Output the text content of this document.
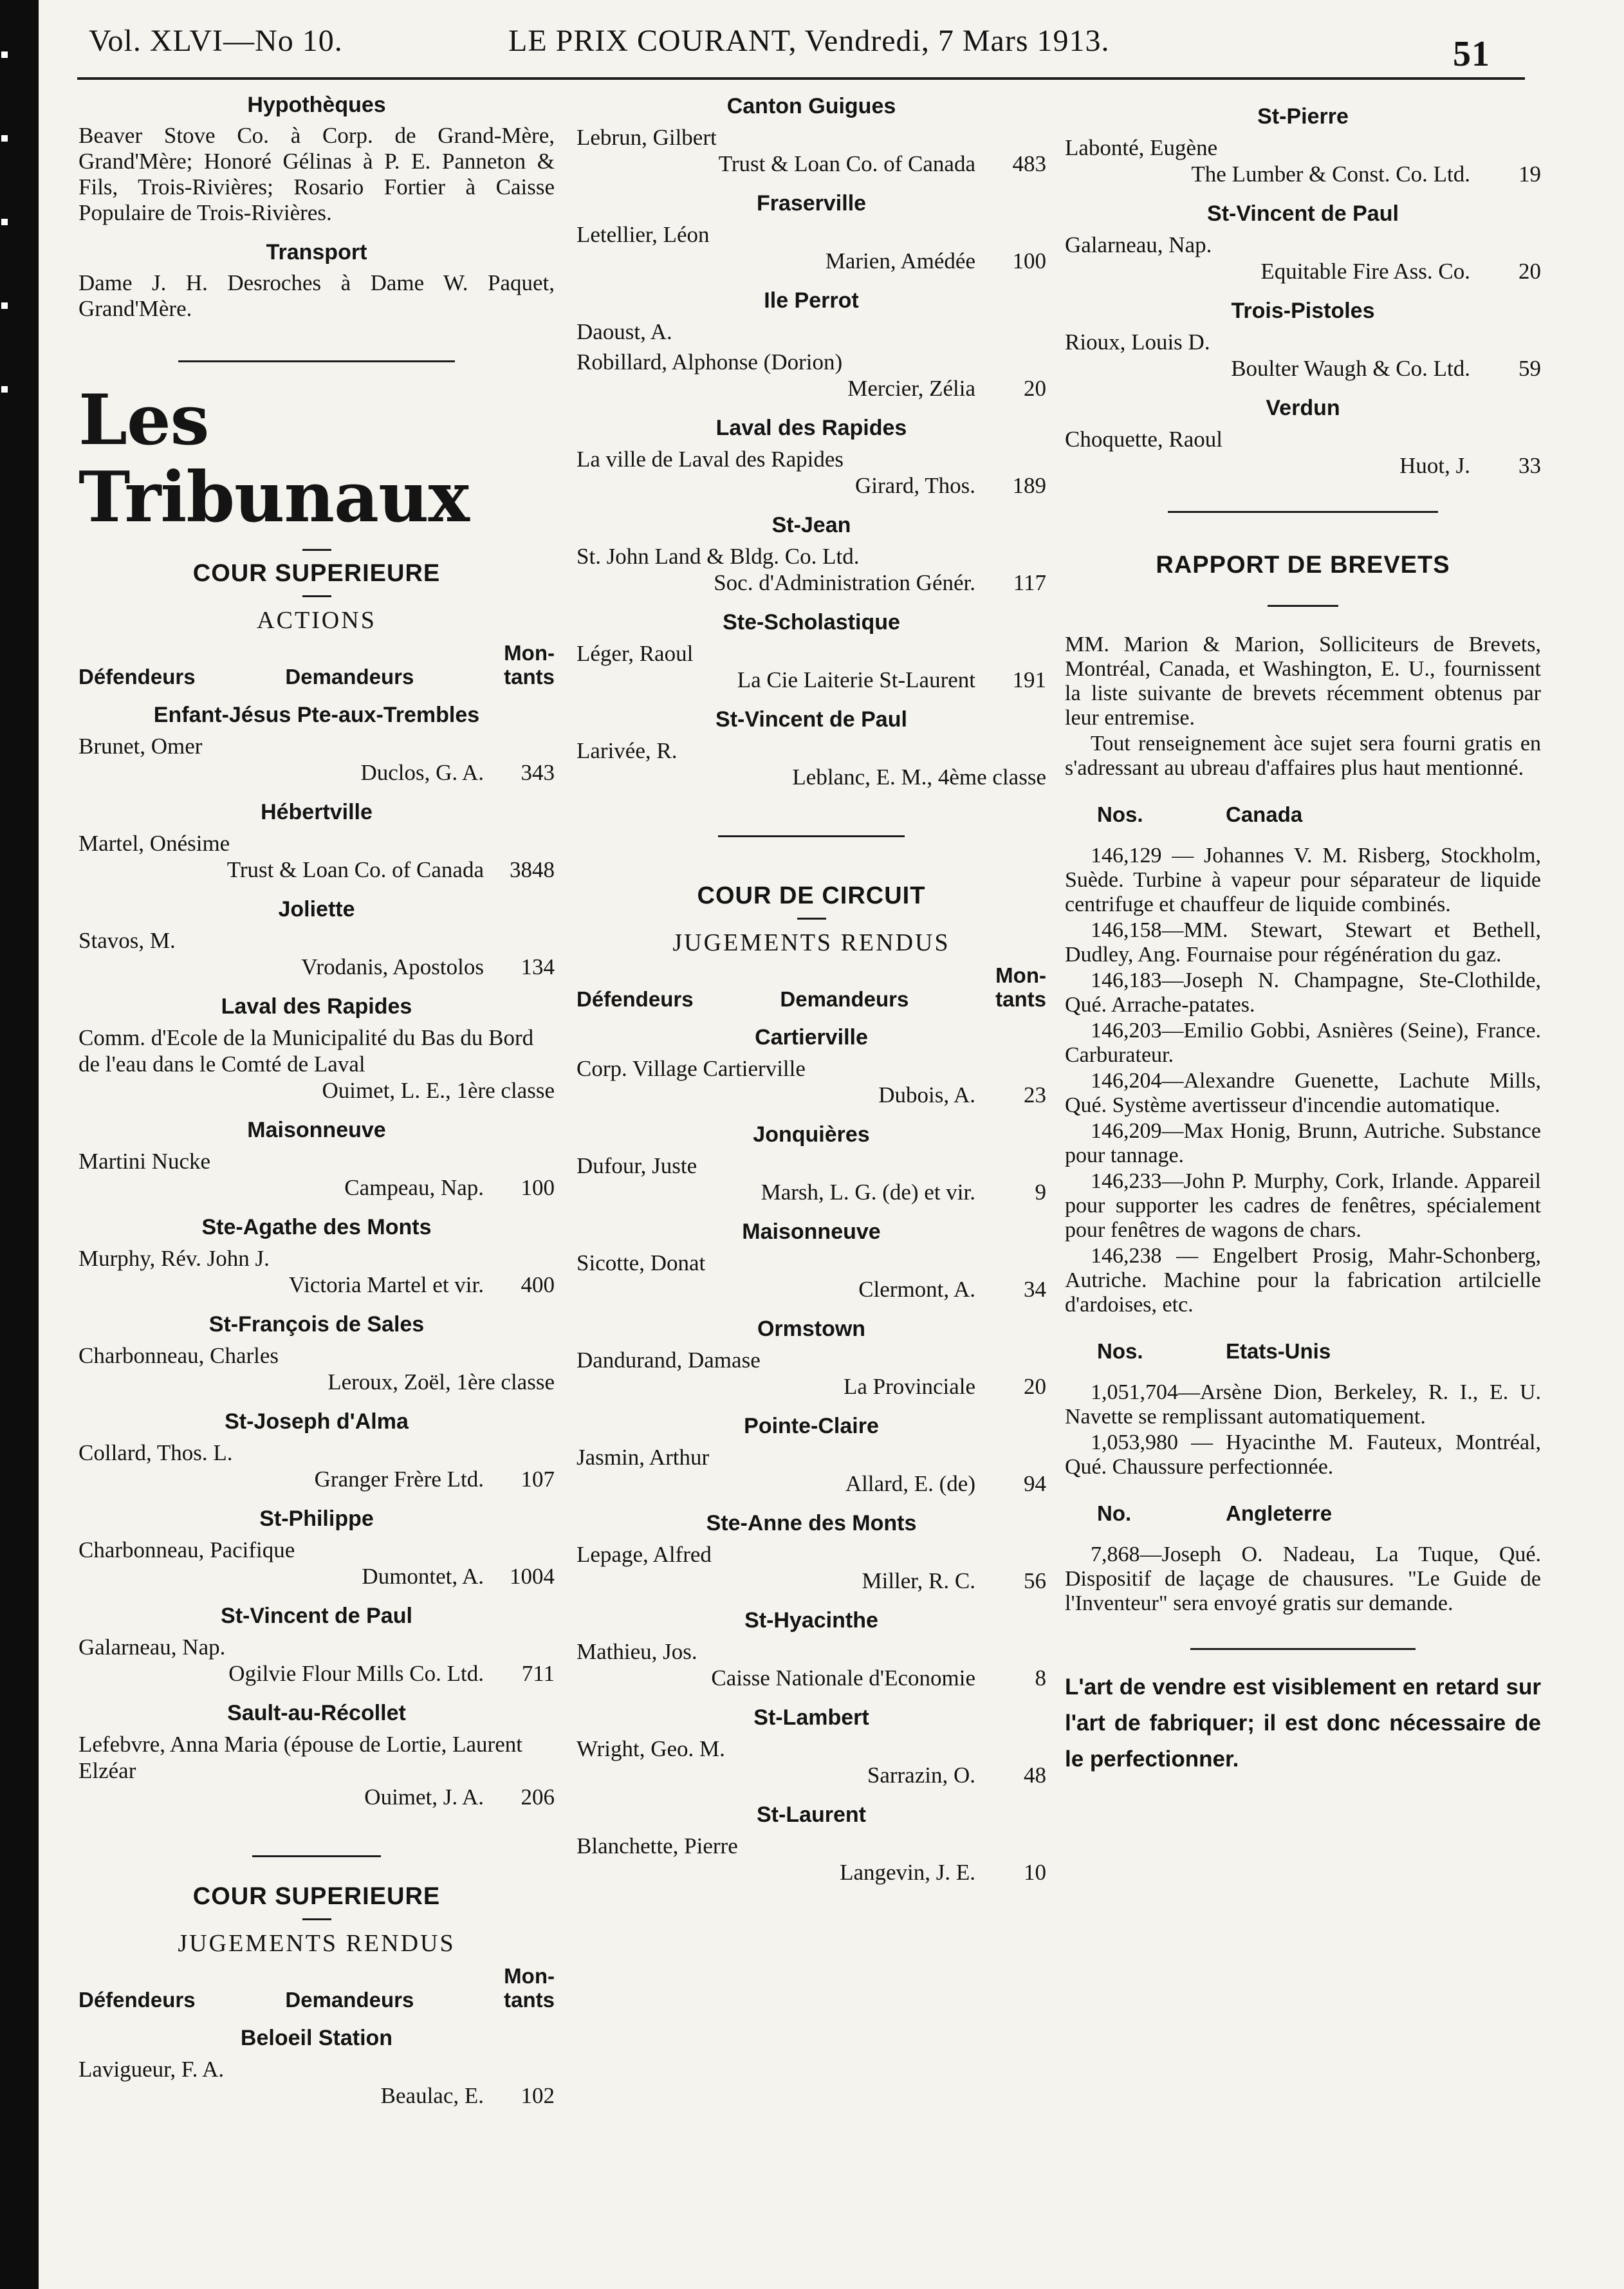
Vol. XLVI—No 10.	LE PRIX COURANT, Vendredi, 7 Mars 1913.	51
Hypothèques

Beaver Stove Co. à Corp. de Grand-Mère, Grand'Mère; Honoré Gélinas à P. E. Panneton & Fils, Trois-Rivières; Rosario Fortier à Caisse Populaire de Trois-Rivières.

Transport

Dame J. H. Desroches à Dame W. Paquet, Grand'Mère.

Les Tribunaux
COUR SUPERIEURE
ACTIONS
Défendeurs	Demandeurs
Mon-
tants
Enfant-Jésus Pte-aux-Trembles
Brunet, Omer
Duclos, G. A.	343
Hébertville
Martel, Onésime
Trust & Loan Co. of Canada	3848
Joliette
Stavos, M.
Vrodanis, Apostolos	134
Laval des Rapides
Comm. d'Ecole de la Municipalité du Bas du Bord de l'eau dans le Comté de Laval
Ouimet, L. E., 1ère classe
Maisonneuve
Martini Nucke
Campeau, Nap.	100
Ste-Agathe des Monts
Murphy, Rév. John J.
Victoria Martel et vir.	400
St-François de Sales
Charbonneau, Charles
Leroux, Zoël, 1ère classe
St-Joseph d'Alma
Collard, Thos. L.
Granger Frère Ltd.	107
St-Philippe
Charbonneau, Pacifique
Dumontet, A.	1004
St-Vincent de Paul
Galarneau, Nap.
Ogilvie Flour Mills Co. Ltd.	711
Sault-au-Récollet
Lefebvre, Anna Maria (épouse de Lortie, Laurent Elzéar
Ouimet, J. A.	206
COUR SUPERIEURE
JUGEMENTS RENDUS
Défendeurs	Demandeurs
Mon-
tants
Beloeil Station
Lavigueur, F. A.
Beaulac, E.	102
Canton Guigues
Lebrun, Gilbert
Trust & Loan Co. of Canada	483
Fraserville
Letellier, Léon
Marien, Amédée	100
Ile Perrot
Daoust, A.
Robillard, Alphonse (Dorion)
Mercier, Zélia	20
Laval des Rapides
La ville de Laval des Rapides
Girard, Thos.	189
St-Jean
St. John Land & Bldg. Co. Ltd.
Soc. d'Administration Génér.	117
Ste-Scholastique
Léger, Raoul
La Cie Laiterie St-Laurent	191
St-Vincent de Paul
Larivée, R.
Leblanc, E. M., 4ème classe
COUR DE CIRCUIT
JUGEMENTS RENDUS
Défendeurs	Demandeurs
Mon-
tants
Cartierville
Corp. Village Cartierville
Dubois, A.	23
Jonquières
Dufour, Juste
Marsh, L. G. (de) et vir.	9
Maisonneuve
Sicotte, Donat
Clermont, A.	34
Ormstown
Dandurand, Damase
La Provinciale	20
Pointe-Claire
Jasmin, Arthur
Allard, E. (de)	94
Ste-Anne des Monts
Lepage, Alfred
Miller, R. C.	56
St-Hyacinthe
Mathieu, Jos.
Caisse Nationale d'Economie	8
St-Lambert
Wright, Geo. M.
Sarrazin, O.	48
St-Laurent
Blanchette, Pierre
Langevin, J. E.	10
St-Pierre
Labonté, Eugène
The Lumber & Const. Co. Ltd.	19
St-Vincent de Paul
Galarneau, Nap.
Equitable Fire Ass. Co.	20
Trois-Pistoles
Rioux, Louis D.
Boulter Waugh & Co. Ltd.	59
Verdun
Choquette, Raoul
Huot, J.	33
RAPPORT DE BREVETS

MM. Marion & Marion, Solliciteurs de Brevets, Montréal, Canada, et Washington, E. U., fournissent la liste suivante de brevets récemment obtenus par leur entremise.

Tout renseignement àce sujet sera fourni gratis en s'adressant au ubreau d'affaires plus haut mentionné.

Nos.	Canada

146,129 — Johannes V. M. Risberg, Stockholm, Suède. Turbine à vapeur pour séparateur de liquide centrifuge et chauffeur de liquide combinés.

146,158—MM. Stewart, Stewart et Bethell, Dudley, Ang. Fournaise pour régénération du gaz.

146,183—Joseph N. Champagne, Ste-Clothilde, Qué. Arrache-patates.

146,203—Emilio Gobbi, Asnières (Seine), France. Carburateur.

146,204—Alexandre Guenette, Lachute Mills, Qué. Système avertisseur d'incendie automatique.

146,209—Max Honig, Brunn, Autriche. Substance pour tannage.

146,233—John P. Murphy, Cork, Irlande. Appareil pour supporter les cadres de fenêtres, spécialement pour fenêtres de wagons de chars.

146,238 — Engelbert Prosig, Mahr-Schonberg, Autriche. Machine pour la fabrication artilcielle d'ardoises, etc.

Nos.	Etats-Unis

1,051,704—Arsène Dion, Berkeley, R. I., E. U. Navette se remplissant automatiquement.

1,053,980 — Hyacinthe M. Fauteux, Montréal, Qué. Chaussure perfectionnée.

No.	Angleterre

7,868—Joseph O. Nadeau, La Tuque, Qué. Dispositif de laçage de chausures. "Le Guide de l'Inventeur" sera envoyé gratis sur demande.

L'art de vendre est visiblement en retard sur l'art de fabriquer; il est donc nécessaire de le perfectionner.
